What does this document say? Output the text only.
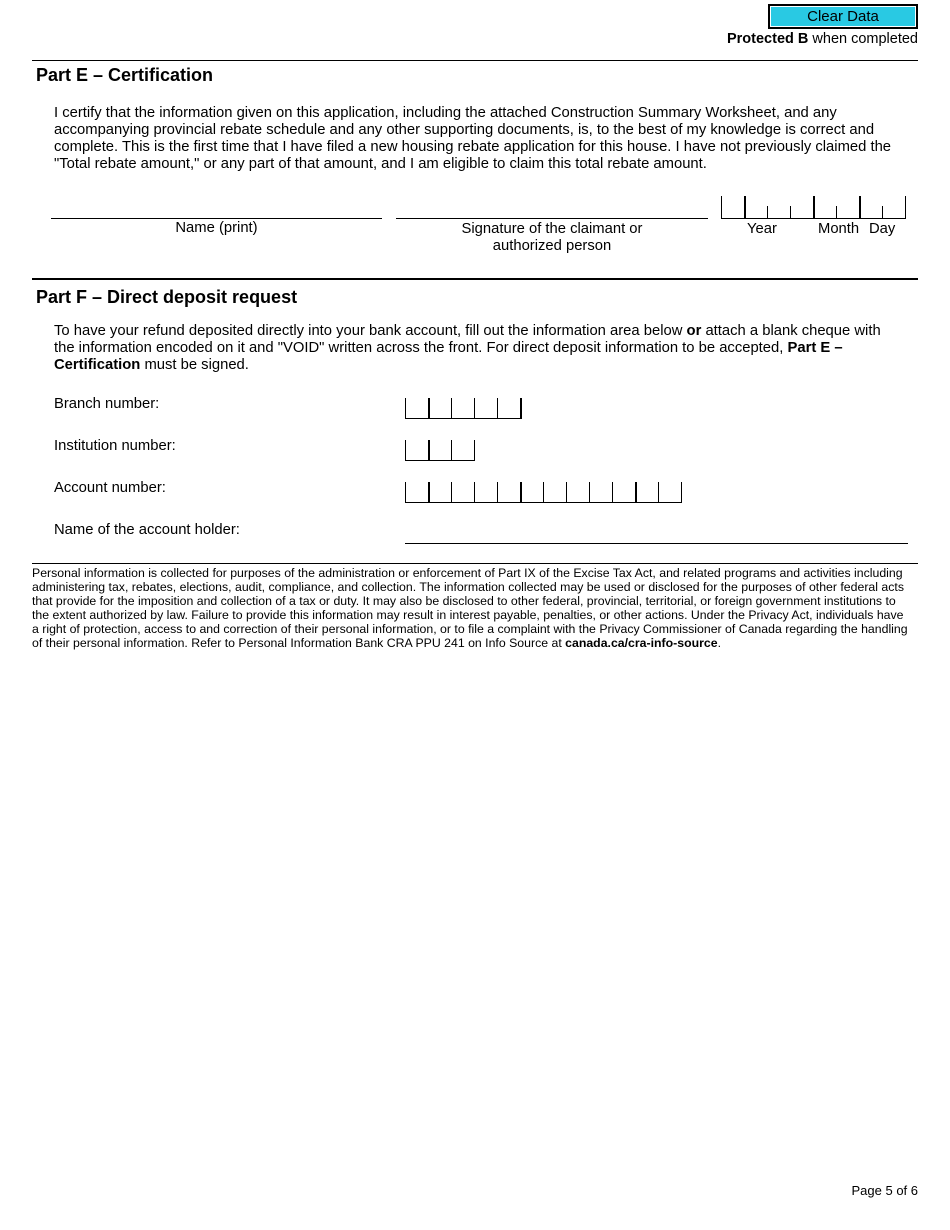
Clear Data
Protected B when completed
Part E – Certification
I certify that the information given on this application, including the attached Construction Summary Worksheet, and any accompanying provincial rebate schedule and any other supporting documents, is, to the best of my knowledge is correct and complete. This is the first time that I have filed a new housing rebate application for this house. I have not previously claimed the "Total rebate amount," or any part of that amount, and I am eligible to claim this total rebate amount.
Name (print)	Signature of the claimant or
authorized person
Year	Month Day
Part F – Direct deposit request
To have your refund deposited directly into your bank account, fill out the information area below or attach a blank cheque with the information encoded on it and "VOID" written across the front. For direct deposit information to be accepted, Part E – Certification must be signed.
Branch number:
Institution number:
Account number:
Name of the account holder:
Personal information is collected for purposes of the administration or enforcement of Part IX of the Excise Tax Act, and related programs and activities including administering tax, rebates, elections, audit, compliance, and collection. The information collected may be used or disclosed for the purposes of other federal acts that provide for the imposition and collection of a tax or duty. It may also be disclosed to other federal, provincial, territorial, or foreign government institutions to the extent authorized by law. Failure to provide this information may result in interest payable, penalties, or other actions. Under the Privacy Act, individuals have a right of protection, access to and correction of their personal information, or to file a complaint with the Privacy Commissioner of Canada regarding the handling of their personal information. Refer to Personal Information Bank CRA PPU 241 on Info Source at canada.ca/cra-info-source.
Page 5 of 6
